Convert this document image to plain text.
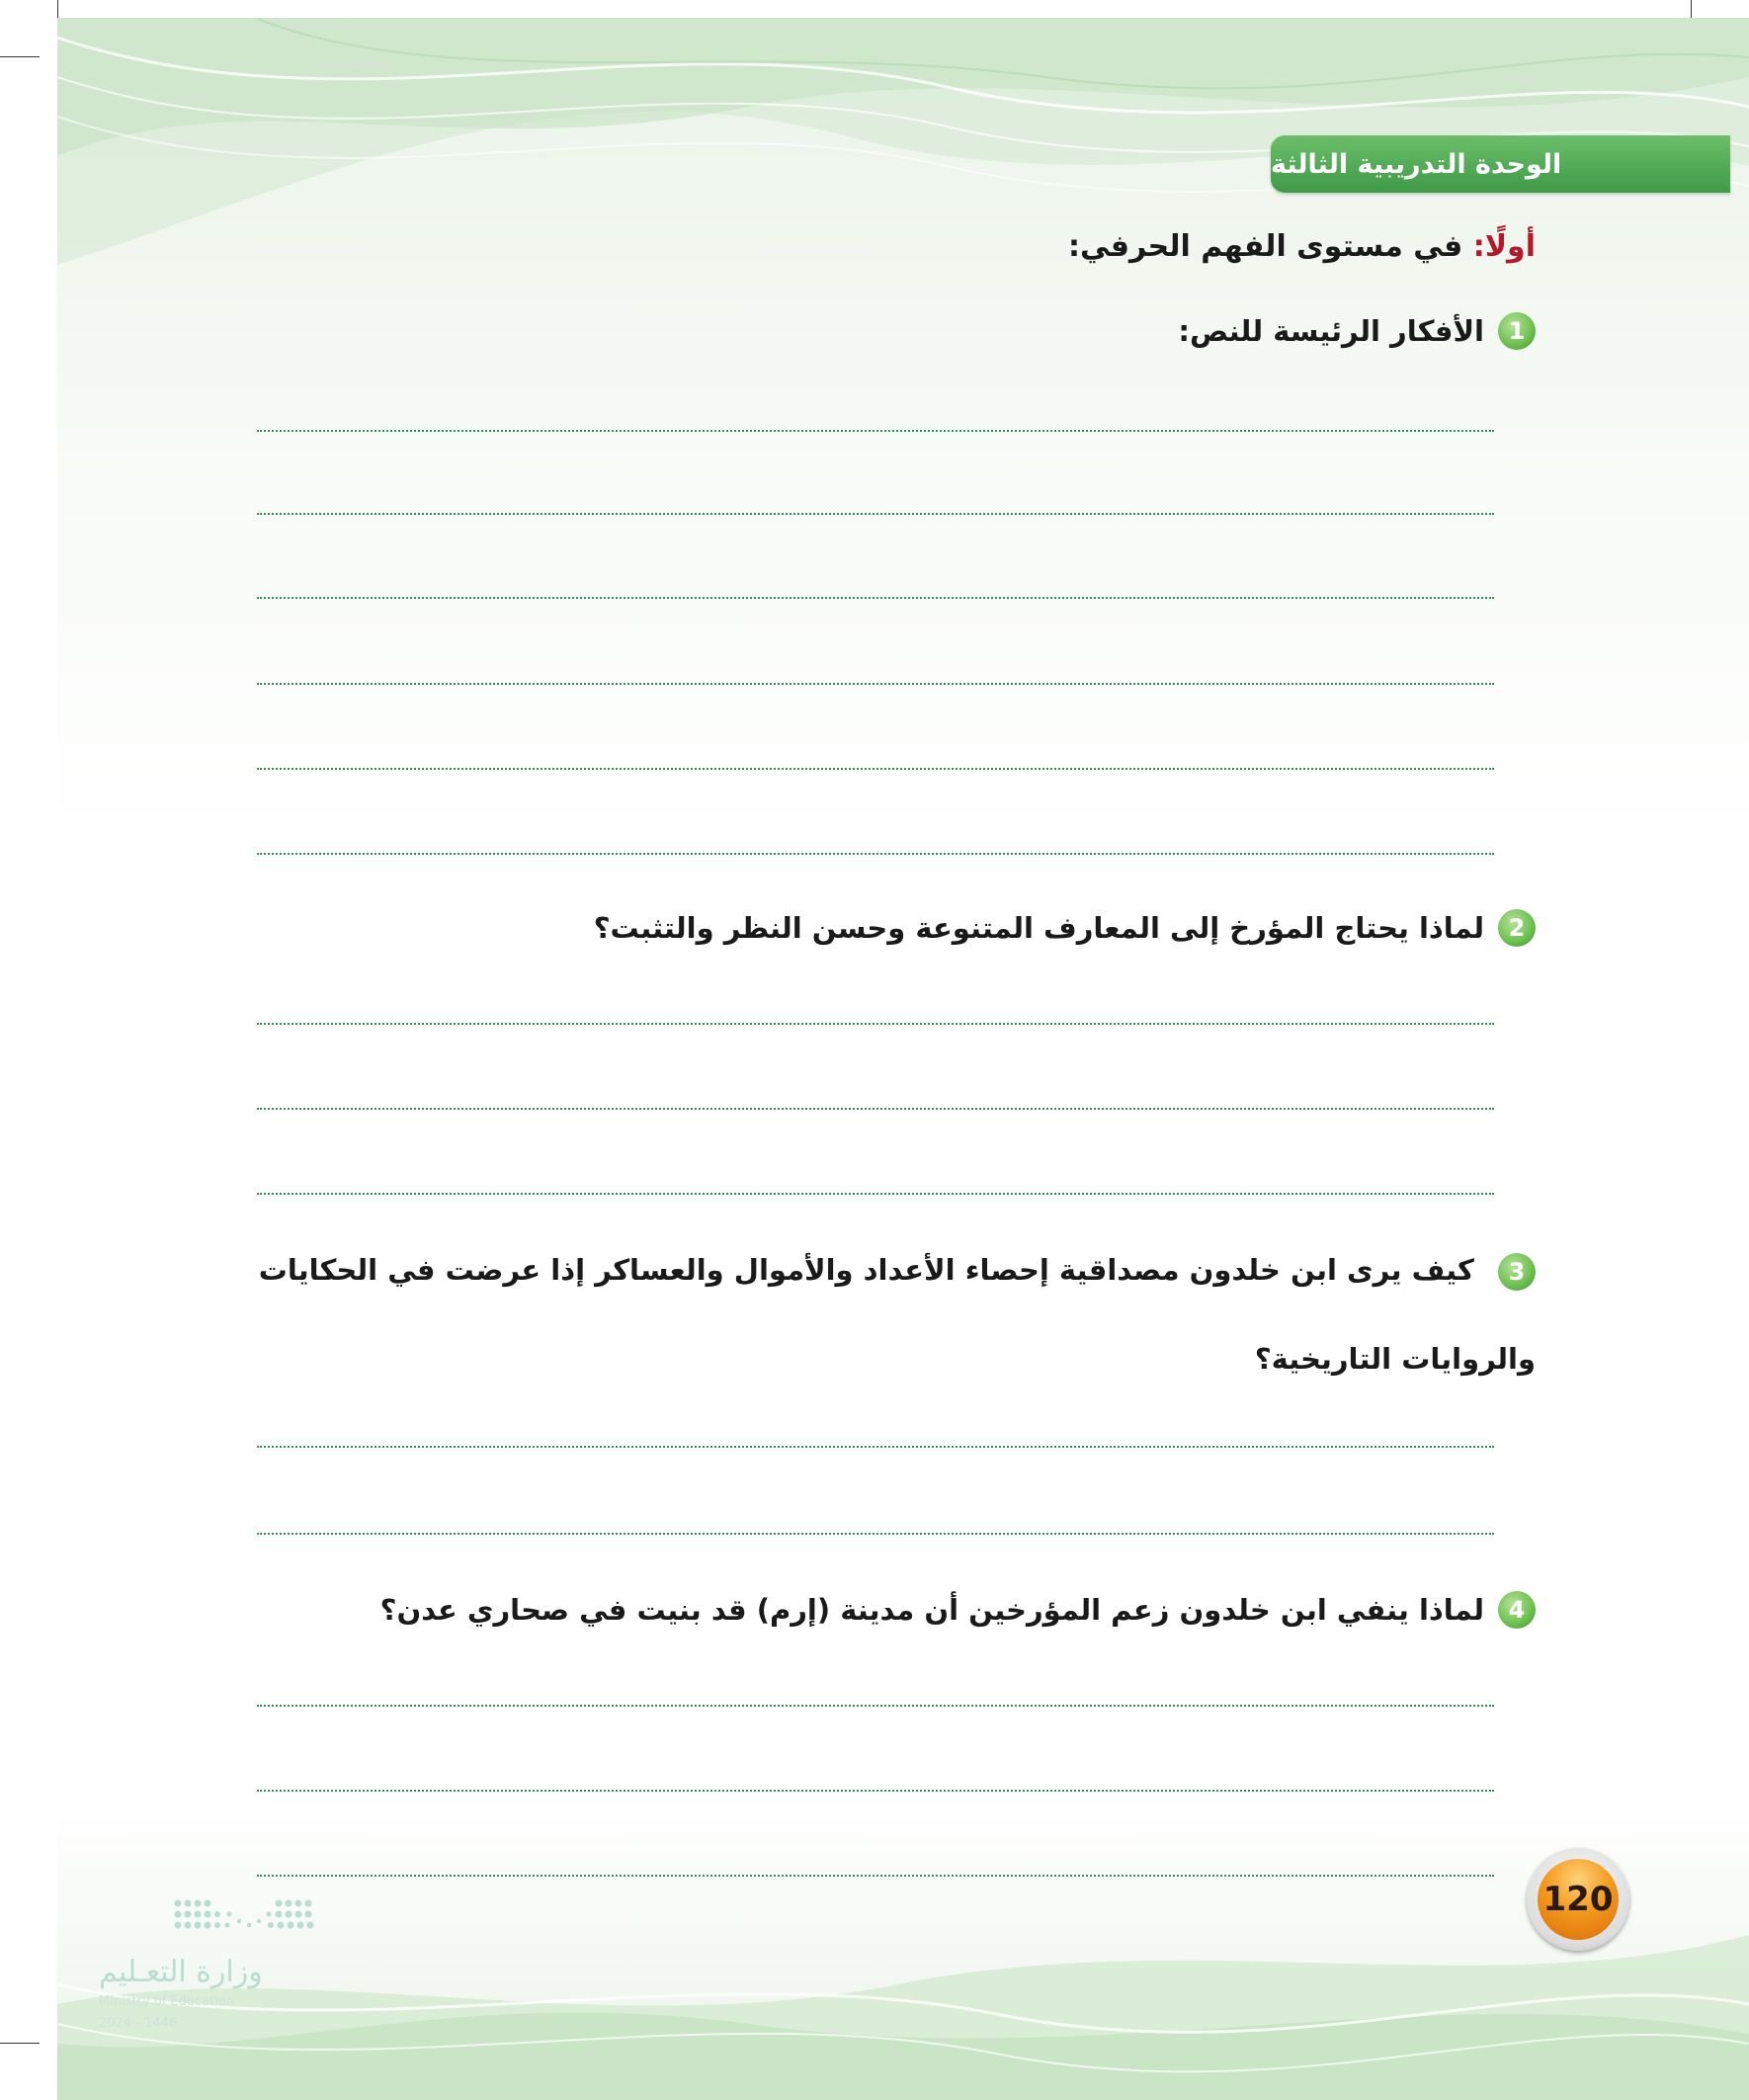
الوحدة التدريبية الثالثة
أولًا: في مستوى الفهم الحرفي:
1
الأفكار الرئيسة للنص:
2
لماذا يحتاج المؤرخ إلى المعارف المتنوعة وحسن النظر والتثبت؟
3 كيف يرى ابن خلدون مصداقية إحصاء الأعداد والأموال والعساكر إذا عرضت في الحكايات والروايات التاريخية؟
4
لماذا ينفي ابن خلدون زعم المؤرخين أن مدينة (إرم) قد بنيت في صحاري عدن؟
120
وزارة التعـليم
Ministry of Education
2024 - 1446
